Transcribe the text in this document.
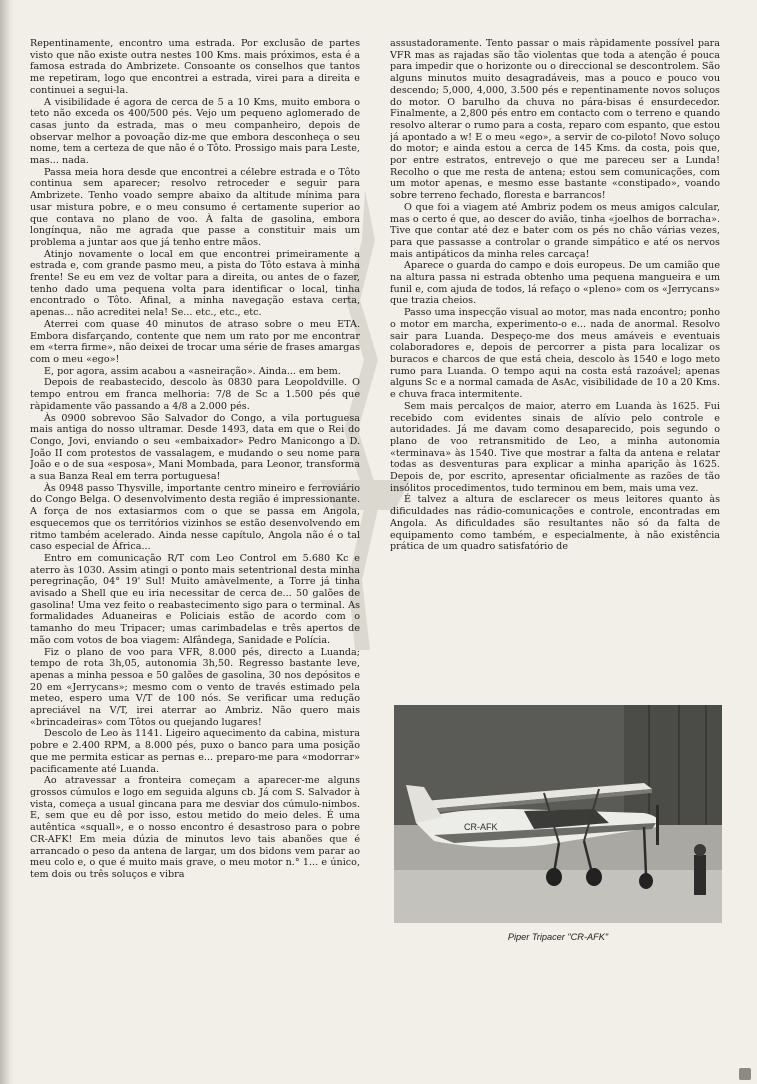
Repentinamente, encontro uma estrada. Por exclusão de partes visto que não existe outra nestes 100 Kms. mais próximos, esta é a famosa estrada do Ambrizete. Consoante os conselhos que tantos me repetiram, logo que encontrei a estrada, virei para a direita e continuei a segui-la.

A visibilidade é agora de cerca de 5 a 10 Kms, muito embora o teto não exceda os 400/500 pés. Vejo um pequeno aglomerado de casas junto da estrada, mas o meu companheiro, depois de observar melhor a povoação diz-me que embora desconheça o seu nome, tem a certeza de que não é o Tôto. Prossigo mais para Leste, mas... nada.

Passa meia hora desde que encontrei a célebre estrada e o Tôto continua sem aparecer; resolvo retroceder e seguir para Ambrizete. Tenho voado sempre abaixo da altitude mínima para usar mistura pobre, e o meu consumo é certamente superior ao que contava no plano de voo. À falta de gasolina, embora longínqua, não me agrada que passe a constituir mais um problema a juntar aos que já tenho entre mãos.

Atinjo novamente o local em que encontrei primeiramente a estrada e, com grande pasmo meu, a pista do Tôto estava à minha frente! Se eu em vez de voltar para a direita, ou antes de o fazer, tenho dado uma pequena volta para identificar o local, tinha encontrado o Tôto. Afinal, a minha navegação estava certa, apenas... não acreditei nela! Se... etc., etc., etc.

Aterrei com quase 40 minutos de atraso sobre o meu ETA. Embora disfarçando, contente que nem um rato por me encontrar em «terra firme», não deixei de trocar uma série de frases amargas com o meu «ego»!

E, por agora, assim acabou a «asneiração». Ainda... em bem.

Depois de reabastecido, descolo às 0830 para Leopoldville. O tempo entrou em franca melhoria: 7/8 de Sc a 1.500 pés que ràpidamente vão passando a 4/8 a 2.000 pés.

Às 0900 sobrevoo São Salvador do Congo, a vila portuguesa mais antiga do nosso ultramar. Desde 1493, data em que o Rei do Congo, Jovi, enviando o seu «embaixador» Pedro Manicongo a D. João II com protestos de vassalagem, e mudando o seu nome para João e o de sua «esposa», Mani Mombada, para Leonor, transforma a sua Banza Real em terra portuguesa!

Às 0948 passo Thysville, importante centro mineiro e ferroviário do Congo Belga. O desenvolvimento desta região é impressionante. A força de nos extasiarmos com o que se passa em Angola, esquecemos que os territórios vizinhos se estão desenvolvendo em ritmo também acelerado. Ainda nesse capítulo, Angola não é o tal caso especial de África...

Entro em comunicação R/T com Leo Control em 5.680 Kc e aterro às 1030. Assim atingi o ponto mais setentrional desta minha peregrinação, 04° 19' Sul! Muito amàvelmente, a Torre já tinha avisado a Shell que eu iria necessitar de cerca de... 50 galões de gasolina! Uma vez feito o reabastecimento sigo para o terminal. As formalidades Aduaneiras e Policiais estão de acordo com o tamanho do meu Tripacer; umas carimbadelas e três apertos de mão com votos de boa viagem: Alfândega, Sanidade e Polícia.

Fiz o plano de voo para VFR, 8.000 pés, directo a Luanda; tempo de rota 3h,05, autonomia 3h,50. Regresso bastante leve, apenas a minha pessoa e 50 galões de gasolina, 30 nos depósitos e 20 em «Jerrycans»; mesmo com o vento de través estimado pela meteo, espero uma V/T de 100 nós. Se verificar uma redução apreciável na V/T, irei aterrar ao Ambriz. Não quero mais «brincadeiras» com Tôtos ou quejando lugares!

Descolo de Leo às 1141. Ligeiro aquecimento da cabina, mistura pobre e 2.400 RPM, a 8.000 pés, puxo o banco para uma posição que me permita esticar as pernas e... preparo-me para «modorrar» pacificamente até Luanda.

Ao atravessar a fronteira começam a aparecer-me alguns grossos cúmulos e logo em seguida alguns cb. Já com S. Salvador à vista, começa a usual gincana para me desviar dos cúmulo-nimbos. E, sem que eu dê por isso, estou metido do meio deles. É uma autêntica «squall», e o nosso encontro é desastroso para o pobre CR-AFK! Em meia dúzia de minutos levo tais abanões que é arrancado o peso da antena de largar, um dos bidons vem parar ao meu colo e, o que é muito mais grave, o meu motor n.° 1... e único, tem dois ou três soluços e vibra

assustadoramente. Tento passar o mais ràpidamente possível para VFR mas as rajadas são tão violentas que toda a atenção é pouca para impedir que o horizonte ou o direccional se descontrolem. São alguns minutos muito desagradáveis, mas a pouco e pouco vou descendo; 5,000, 4,000, 3.500 pés e repentinamente novos soluços do motor. O barulho da chuva no pára-bisas é ensurdecedor. Finalmente, a 2,800 pés entro em contacto com o terreno e quando resolvo alterar o rumo para a costa, reparo com espanto, que estou já apontado a w! E o meu «ego», a servir de co-piloto! Novo soluço do motor; e ainda estou a cerca de 145 Kms. da costa, pois que, por entre estratos, entrevejo o que me pareceu ser a Lunda! Recolho o que me resta de antena; estou sem comunicações, com um motor apenas, e mesmo esse bastante «constipado», voando sobre terreno fechado, floresta e barrancos!

O que foi a viagem até Ambriz podem os meus amigos calcular, mas o certo é que, ao descer do avião, tinha «joelhos de borracha». Tive que contar até dez e bater com os pés no chão várias vezes, para que passasse a controlar o grande simpático e até os nervos mais antipáticos da minha reles carcaça!

Aparece o guarda do campo e dois europeus. De um camião que na altura passa ni estrada obtenho uma pequena mangueira e um funil e, com ajuda de todos, lá refaço o «pleno» com os «Jerrycans» que trazia cheios.

Passo uma inspecção visual ao motor, mas nada encontro; ponho o motor em marcha, experimento-o e... nada de anormal. Resolvo sair para Luanda. Despeço-me dos meus amáveis e eventuais colaboradores e, depois de percorrer a pista para localizar os buracos e charcos de que está cheia, descolo às 1540 e logo meto rumo para Luanda. O tempo aqui na costa está razoável; apenas alguns Sc e a normal camada de AsAc, visibilidade de 10 a 20 Kms. e chuva fraca intermitente.

Sem mais percalços de maior, aterro em Luanda às 1625. Fui recebido com evidentes sinais de alívio pelo controle e autoridades. Já me davam como desaparecido, pois segundo o plano de voo retransmitido de Leo, a minha autonomia «terminava» às 1540. Tive que mostrar a falta da antena e relatar todas as desventuras para explicar a minha aparição às 1625. Depois de, por escrito, apresentar oficialmente as razões de tão insólitos procedimentos, tudo terminou em bem, mais uma vez.

É talvez a altura de esclarecer os meus leitores quanto às dificuldades nas rádio-comunicações e controle, encontradas em Angola. As dificuldades são resultantes não só da falta de equipamento como também, e especialmente, à não existência prática de um quadro satisfatório de

CR-AFK
Piper Tripacer "CR-AFK"
